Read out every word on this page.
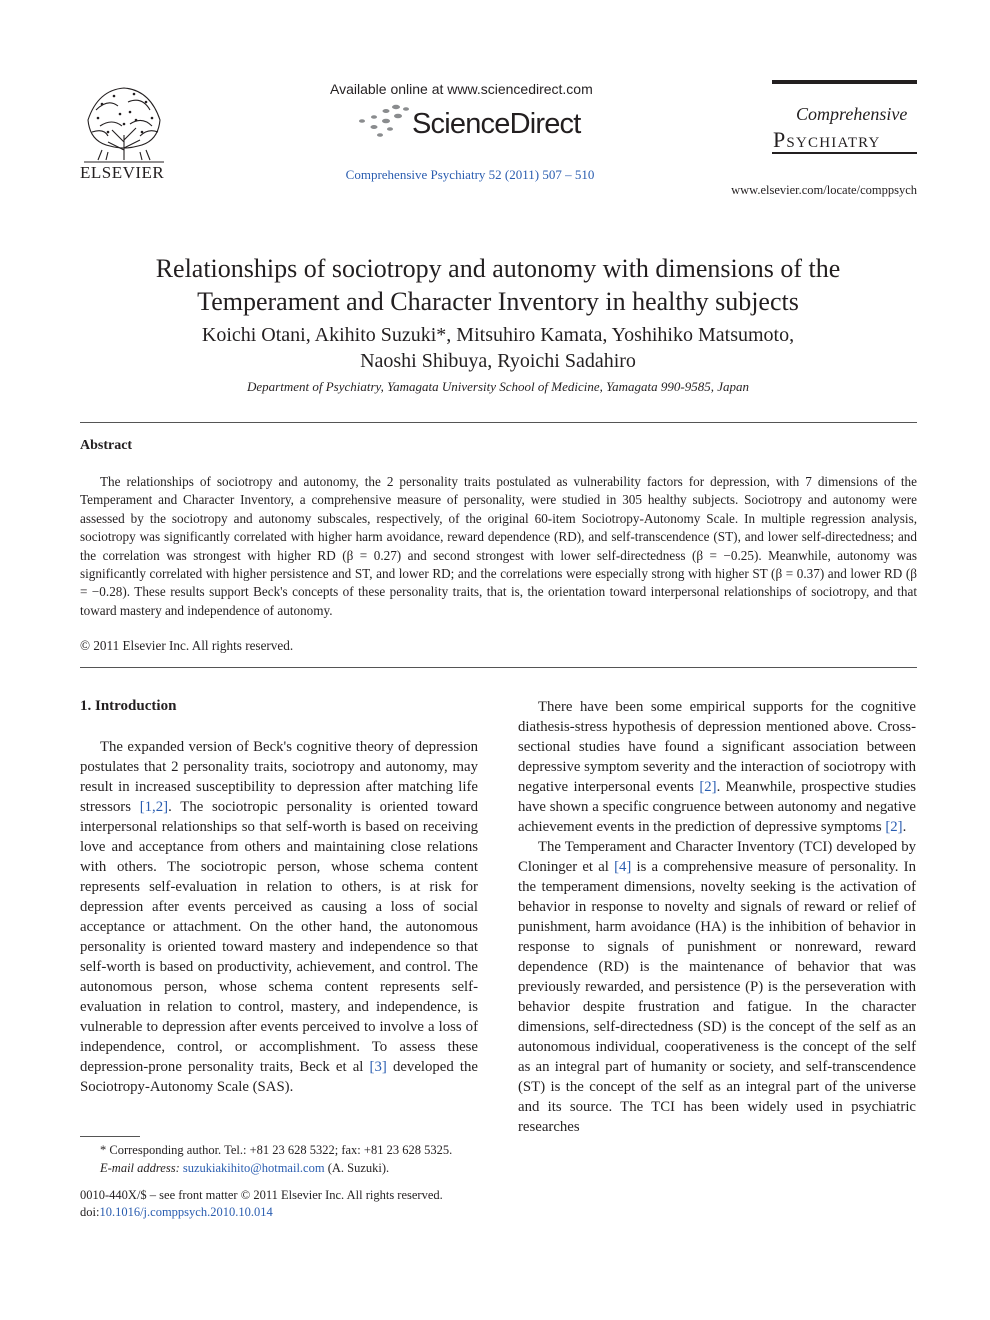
ELSEVIER
Available online at www.sciencedirect.com
ScienceDirect
Comprehensive Psychiatry 52 (2011) 507 – 510
Comprehensive
Psychiatry
www.elsevier.com/locate/comppsych
Relationships of sociotropy and autonomy with dimensions of the
Temperament and Character Inventory in healthy subjects
Koichi Otani, Akihito Suzuki*, Mitsuhiro Kamata, Yoshihiko Matsumoto,
Naoshi Shibuya, Ryoichi Sadahiro
Department of Psychiatry, Yamagata University School of Medicine, Yamagata 990-9585, Japan
Abstract
The relationships of sociotropy and autonomy, the 2 personality traits postulated as vulnerability factors for depression, with 7 dimensions of the Temperament and Character Inventory, a comprehensive measure of personality, were studied in 305 healthy subjects. Sociotropy and autonomy were assessed by the sociotropy and autonomy subscales, respectively, of the original 60-item Sociotropy-Autonomy Scale. In multiple regression analysis, sociotropy was significantly correlated with higher harm avoidance, reward dependence (RD), and self-transcendence (ST), and lower self-directedness; and the correlation was strongest with higher RD (β = 0.27) and second strongest with lower self-directedness (β = −0.25). Meanwhile, autonomy was significantly correlated with higher persistence and ST, and lower RD; and the correlations were especially strong with higher ST (β = 0.37) and lower RD (β = −0.28). These results support Beck's concepts of these personality traits, that is, the orientation toward interpersonal relationships of sociotropy, and that toward mastery and independence of autonomy.
© 2011 Elsevier Inc. All rights reserved.
1. Introduction

The expanded version of Beck's cognitive theory of depression postulates that 2 personality traits, sociotropy and autonomy, may result in increased susceptibility to depression after matching life stressors [1,2]. The sociotropic personality is oriented toward interpersonal relationships so that self-worth is based on receiving love and acceptance from others and maintaining close relations with others. The sociotropic person, whose schema content represents self-evaluation in relation to others, is at risk for depression after events perceived as causing a loss of social acceptance or attachment. On the other hand, the autonomous personality is oriented toward mastery and independence so that self-worth is based on productivity, achievement, and control. The autonomous person, whose schema content represents self-evaluation in relation to control, mastery, and independence, is vulnerable to depression after events perceived to involve a loss of independence, control, or accomplishment. To assess these depression-prone personality traits, Beck et al [3] developed the Sociotropy-Autonomy Scale (SAS).

There have been some empirical supports for the cognitive diathesis-stress hypothesis of depression mentioned above. Cross-sectional studies have found a significant association between depressive symptom severity and the interaction of sociotropy with negative interpersonal events [2]. Meanwhile, prospective studies have shown a specific congruence between autonomy and negative achievement events in the prediction of depressive symptoms [2].

The Temperament and Character Inventory (TCI) developed by Cloninger et al [4] is a comprehensive measure of personality. In the temperament dimensions, novelty seeking is the activation of behavior in response to novelty and signals of reward or relief of punishment, harm avoidance (HA) is the inhibition of behavior in response to signals of punishment or nonreward, reward dependence (RD) is the maintenance of behavior that was previously rewarded, and persistence (P) is the perseveration with behavior despite frustration and fatigue. In the character dimensions, self-directedness (SD) is the concept of the self as an autonomous individual, cooperativeness is the concept of the self as an integral part of humanity or society, and self-transcendence (ST) is the concept of the self as an integral part of the universe and its source. The TCI has been widely used in psychiatric researches

* Corresponding author. Tel.: +81 23 628 5322; fax: +81 23 628 5325.
E-mail address: suzukiakihito@hotmail.com (A. Suzuki).
0010-440X/$ – see front matter © 2011 Elsevier Inc. All rights reserved.
doi:10.1016/j.comppsych.2010.10.014
